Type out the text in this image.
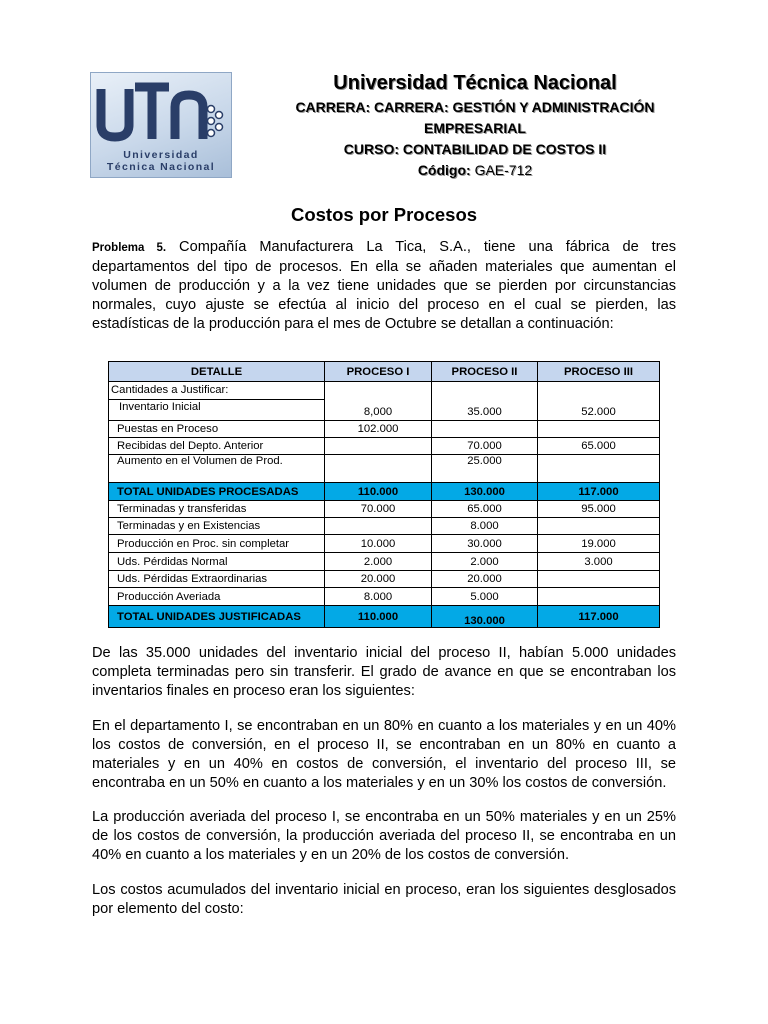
Universidad
Técnica Nacional
Universidad Técnica Nacional
CARRERA: CARRERA: GESTIÓN Y ADMINISTRACIÓN
EMPRESARIAL
CURSO: CONTABILIDAD DE COSTOS II
Código: GAE-712
Costos por Procesos

Problema 5. Compañía Manufacturera La Tica, S.A., tiene una fábrica de tres departamentos del tipo de procesos. En ella se añaden materiales que aumentan el volumen de producción y a la vez tiene unidades que se pierden por circunstancias normales, cuyo ajuste se efectúa al inicio del proceso en el cual se pierden, las estadísticas de la producción para el mes de Octubre se detallan a continuación:

DETALLE	PROCESO I	PROCESO II	PROCESO III

Cantidades a Justificar:
Inventario Inicial	8,000	35.000	52.000
Puestas en Proceso	102.000		
Recibidas del Depto. Anterior		70.000	65.000
Aumento en el Volumen de Prod.		25.000	
TOTAL UNIDADES PROCESADAS	110.000	130.000	117.000
Terminadas y transferidas	70.000	65.000	95.000
Terminadas y en Existencias		8.000	
Producción en Proc. sin completar	10.000	30.000	19.000
Uds. Pérdidas Normal	2.000	2.000	3.000
Uds. Pérdidas Extraordinarias	20.000	20.000	
Producción Averiada	8.000	5.000	
TOTAL UNIDADES JUSTIFICADAS	110.000	130.000	117.000

De las 35.000 unidades del inventario inicial del proceso II, habían 5.000 unidades completa terminadas pero sin transferir. El grado de avance en que se encontraban los inventarios finales en proceso eran los siguientes:

En el departamento I, se encontraban en un 80% en cuanto a los materiales y en un 40% los costos de conversión, en el proceso II, se encontraban en un 80% en cuanto a materiales y en un 40% en costos de conversión, el inventario del proceso III, se encontraba en un 50% en cuanto a los materiales y en un 30% los costos de conversión.

La producción averiada del proceso I, se encontraba en un 50% materiales y en un 25% de los costos de conversión, la producción averiada del proceso II, se encontraba en un 40% en cuanto a los materiales y en un 20% de los costos de conversión.

Los costos acumulados del inventario inicial en proceso, eran los siguientes desglosados por elemento del costo:
